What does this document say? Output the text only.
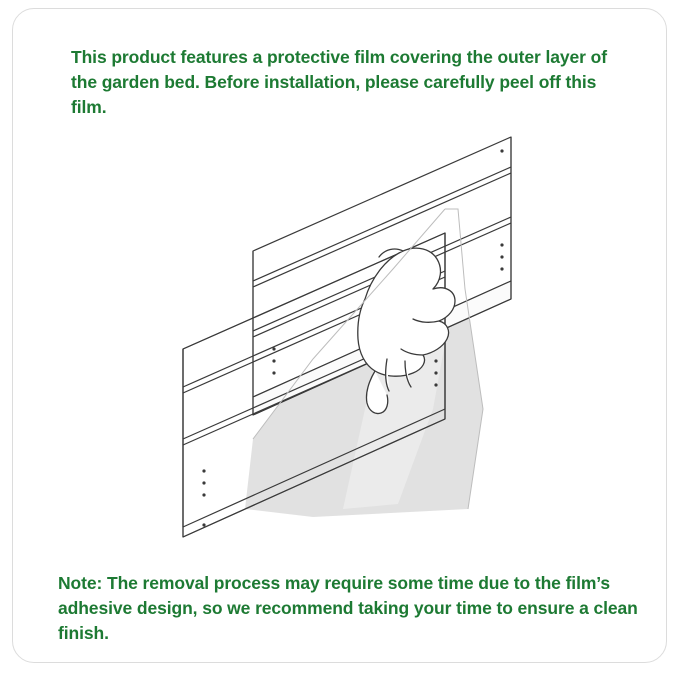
This product features a protective film covering the outer layer of the garden bed. Before installation, please carefully peel off this film.
Note: The removal process may require some time due to the film’s adhesive design, so we recommend taking your time to ensure a clean finish.
